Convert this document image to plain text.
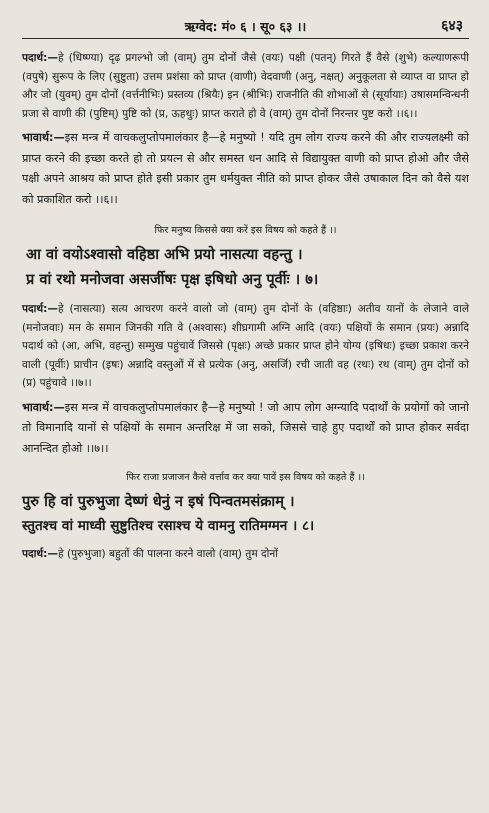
ऋग्वेद: मं० ६ । सू० ६३ ।।	६४३

पदार्थ:—हे (धिष्ण्या) दृढ़ प्रगल्भो जो (वाम्) तुम दोनों जैसे (वयः) पक्षी (पतन्) गिरते हैं वैसे (शुभे) कल्याणरूपी (वपुषे) सुरूप के लिए (सुष्टुता) उत्तम प्रशंसा को प्राप्त (वाणी) वेदवाणी (अनु, नक्षत्) अनुकूलता से व्याप्त वा प्राप्त हो और जो (युवम्) तुम दोनों (वर्त्तनीभिः) प्रस्तव्य (श्रियैः) इन (श्रीभिः) राजनीति की शोभाओं से (सूर्यायाः) उषासमन्विन्धनी प्रजा से वाणी की (पुष्टिम्) पुष्टि को (प्र, ऊहथुः) प्राप्त कराते हो वे (वाम्) तुम दोनों निरन्तर पुष्ट करो ।।६।।

भावार्थ:—इस मन्त्र में वाचकलुप्तोपमालंकार है—हे मनुष्यो ! यदि तुम लोग राज्य करने की और राज्यलक्ष्मी को प्राप्त करने की इच्छा करते हो तो प्रयत्न से और समस्त धन आदि से विद्यायुक्त वाणी को प्राप्त होओ और जैसे पक्षी अपने आश्रय को प्राप्त होते इसी प्रकार तुम धर्मयुक्त नीति को प्राप्त होकर जैसे उषाकाल दिन को वैसे यश को प्रकाशित करो ।।६।।

फिर मनुष्य किससे क्या करें इस विषय को कहते हैं ।।

आ वां वयोऽश्वासो वहिष्ठा अभि प्रयो नासत्या वहन्तु ।

प्र वां रथो मनोजवा असर्जीषः पृक्ष इषिधो अनु पूर्वीः । ७।

पदार्थ:—हे (नासत्या) सत्य आचरण करने वालो जो (वाम्) तुम दोनों के (वहिष्ठाः) अतीव यानों के लेजाने वाले (मनोजवाः) मन के समान जिनकी गति वे (अश्वासः) शीघ्रगामी अग्नि आदि (वयः) पक्षियों के समान (प्रयः) अन्नादि पदार्थ को (आ, अभि, वहन्तु) सम्मुख पहुंचावें जिससे (पृक्षः) अच्छे प्रकार प्राप्त होने योग्य (इषिधः) इच्छा प्रकाश करने वाली (पूर्वीः) प्राचीन (इषः) अन्नादि वस्तुओं में से प्रत्येक (अनु, असर्जि) रची जाती वह (रथः) रथ (वाम्) तुम दोनों को (प्र) पहुंचावे ।।७।।

भावार्थ:—इस मन्त्र में वाचकलुप्तोपमालंकार है—हे मनुष्यो ! जो आप लोग अग्न्यादि पदार्थों के प्रयोगों को जानो तो विमानादि यानों से पक्षियों के समान अन्तरिक्ष में जा सको, जिससे चाहे हुए पदार्थों को प्राप्त होकर सर्वदा आनन्दित होओ ।।७।।

फिर राजा प्रजाजन कैसे वर्त्ताव कर क्या पावें इस विषय को कहते हैं ।।

पुरु हि वां पुरुभुजा देष्णं धेनुं न इषं पिन्वतमसंक्राम् ।

स्तुतश्च वां माध्वी सुष्टुतिश्च रसाश्च ये वामनु रातिमग्मन । ८।

पदार्थ:—हे (पुरुभुजा) बहुतों की पालना करने वालो (वाम्) तुम दोनों
